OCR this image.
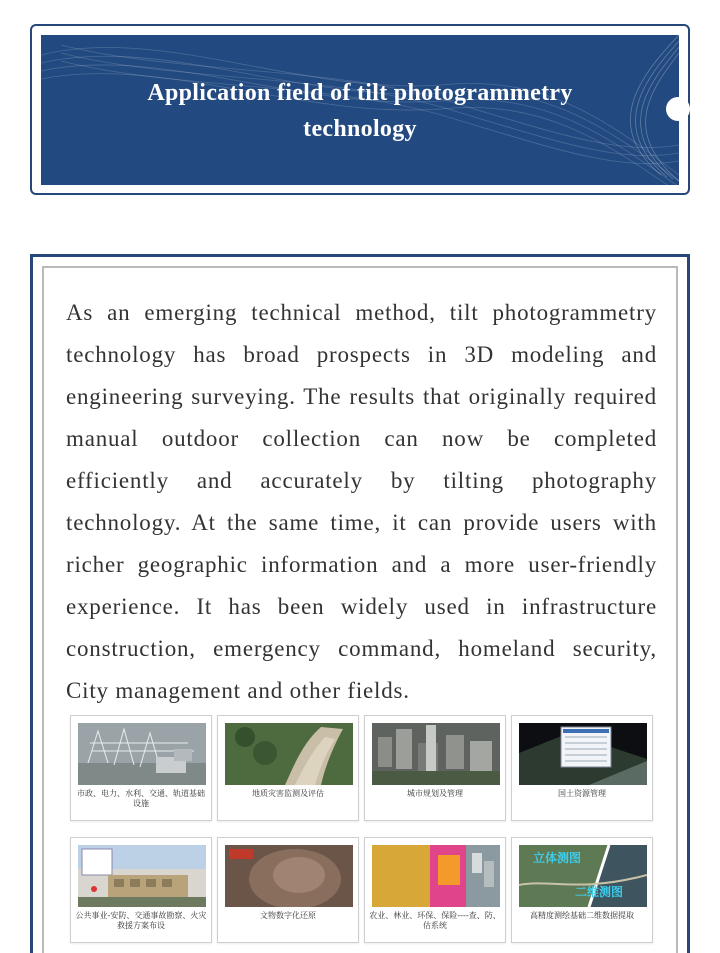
Application field of tilt photogrammetry technology

As an emerging technical method, tilt photogrammetry technology has broad prospects in 3D modeling and engineering surveying. The results that originally required manual outdoor collection can now be completed efficiently and accurately by tilting photography technology. At the same time, it can provide users with richer geographic information and a more user-friendly experience. It has been widely used in infrastructure construction, emergency command, homeland security, City management and other fields.

市政、电力、水利、交通、轨道基础设施
地质灾害监测及评估	城市规划及管理	国土资源管理
公共事业-安防、交通事故勘察、火灾救援方案布设
文物数字化还原	农业、林业、环保、保险----查、防、估系统
立体测图
二维测图
高精度测绘基础二维数据提取
